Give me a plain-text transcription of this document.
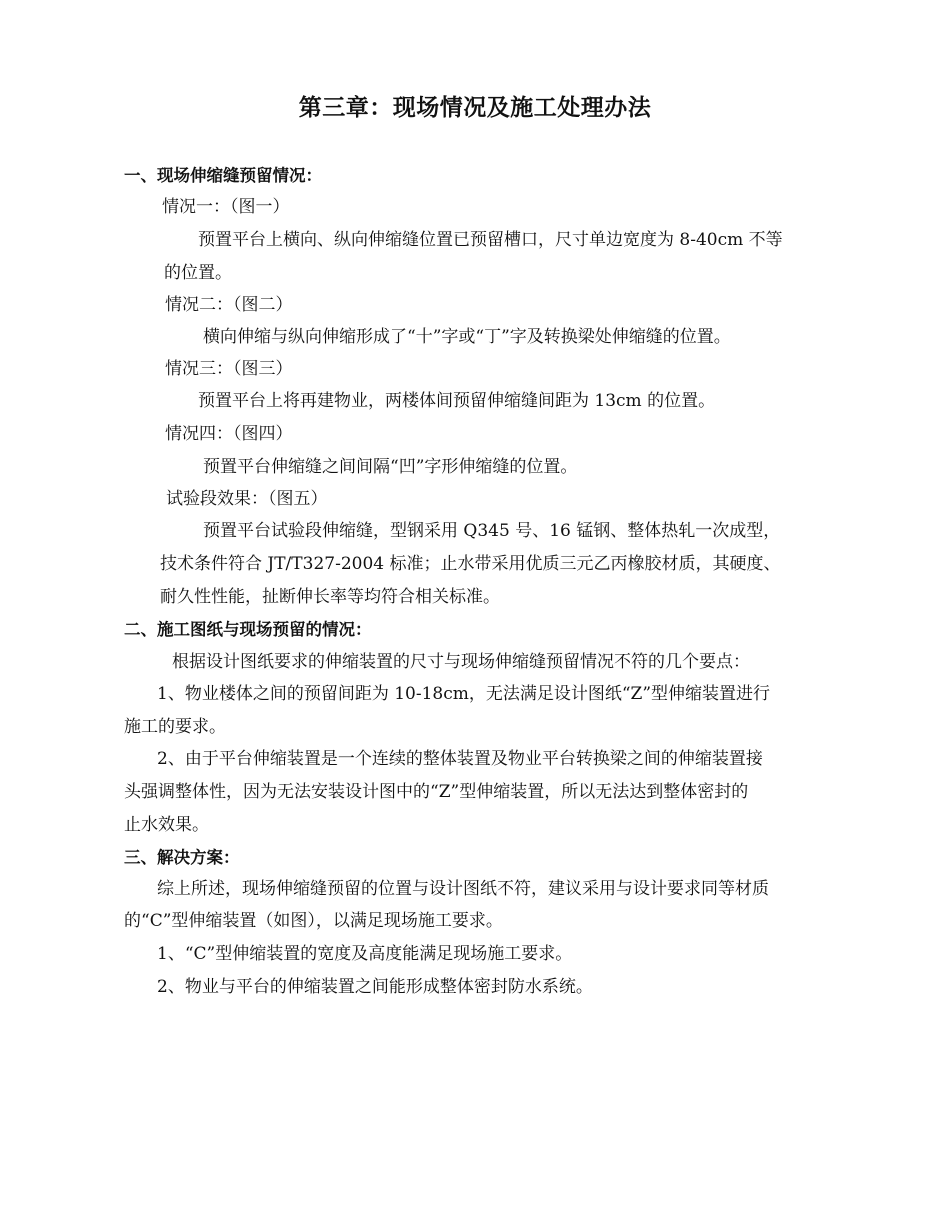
第三章：现场情况及施工处理办法
一、现场伸缩缝预留情况：
情况一：（图一）
预置平台上横向、纵向伸缩缝位置已预留槽口，尺寸单边宽度为 8-40cm 不等
的位置。
情况二：（图二）
横向伸缩与纵向伸缩形成了“十”字或“丁”字及转换梁处伸缩缝的位置。
情况三：（图三）
预置平台上将再建物业，两楼体间预留伸缩缝间距为 13cm 的位置。
情况四：（图四）
预置平台伸缩缝之间间隔“凹”字形伸缩缝的位置。
试验段效果：（图五）
预置平台试验段伸缩缝，型钢采用 Q345 号、16 锰钢、整体热轧一次成型，
技术条件符合 JT/T327-2004 标准；止水带采用优质三元乙丙橡胶材质，其硬度、
耐久性性能，扯断伸长率等均符合相关标准。
二、施工图纸与现场预留的情况：
根据设计图纸要求的伸缩装置的尺寸与现场伸缩缝预留情况不符的几个要点：
1、物业楼体之间的预留间距为 10-18cm，无法满足设计图纸“Z”型伸缩装置进行
施工的要求。
2、由于平台伸缩装置是一个连续的整体装置及物业平台转换梁之间的伸缩装置接
头强调整体性，因为无法安装设计图中的“Z”型伸缩装置，所以无法达到整体密封的
止水效果。
三、解决方案：
综上所述，现场伸缩缝预留的位置与设计图纸不符，建议采用与设计要求同等材质
的“C”型伸缩装置（如图），以满足现场施工要求。
1、“C”型伸缩装置的宽度及高度能满足现场施工要求。
2、物业与平台的伸缩装置之间能形成整体密封防水系统。
